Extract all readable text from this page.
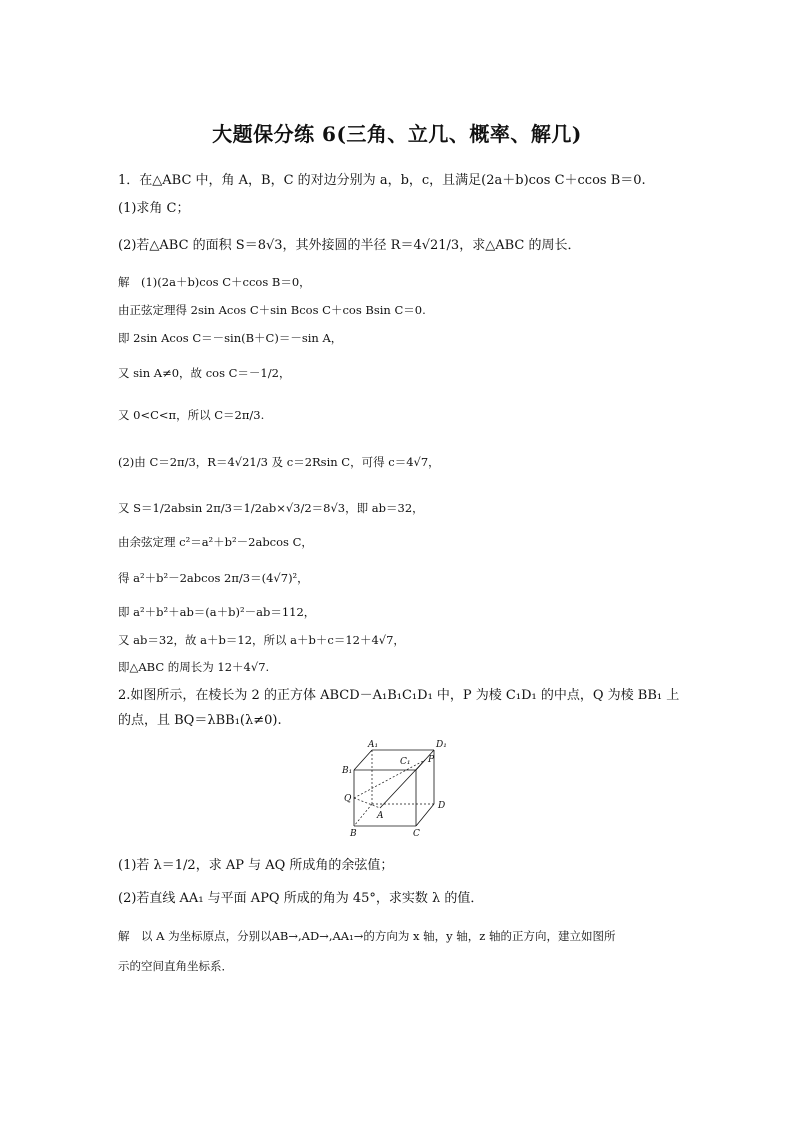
大题保分练 6(三角、立几、概率、解几)
1．在△ABC 中，角 A，B，C 的对边分别为 a，b，c，且满足(2a＋b)cos C＋ccos B＝0.
(1)求角 C；
(2)若△ABC 的面积 S＝8√3，其外接圆的半径 R＝4√21/3，求△ABC 的周长．
解　(1)(2a＋b)cos C＋ccos B＝0，
由正弦定理得 2sin Acos C＋sin Bcos C＋cos Bsin C＝0.
即 2sin Acos C＝－sin(B＋C)＝－sin A，
又 sin A≠0，故 cos C＝－1/2，
又 0<C<π，所以 C＝2π/3.
(2)由 C＝2π/3，R＝4√21/3 及 c＝2Rsin C，可得 c＝4√7，
又 S＝1/2absin 2π/3＝1/2ab×√3/2＝8√3，即 ab＝32，
由余弦定理 c²＝a²＋b²－2abcos C，
得 a²＋b²－2abcos 2π/3＝(4√7)²，
即 a²＋b²＋ab＝(a＋b)²－ab＝112，
又 ab＝32，故 a＋b＝12，所以 a＋b＋c＝12＋4√7，
即△ABC 的周长为 12＋4√7.
2.如图所示，在棱长为 2 的正方体 ABCD－A₁B₁C₁D₁ 中，P 为棱 C₁D₁ 的中点，Q 为棱 BB₁ 上
的点，且 BQ＝λBB₁(λ≠0).
A₁	D₁
B₁
C₁ P
Q
A
D
B	C
(1)若 λ＝1/2，求 AP 与 AQ 所成角的余弦值；
(2)若直线 AA₁ 与平面 APQ 所成的角为 45°，求实数 λ 的值．
解　以 A 为坐标原点，分别以AB→,AD→,AA₁→的方向为 x 轴，y 轴，z 轴的正方向，建立如图所
示的空间直角坐标系．
